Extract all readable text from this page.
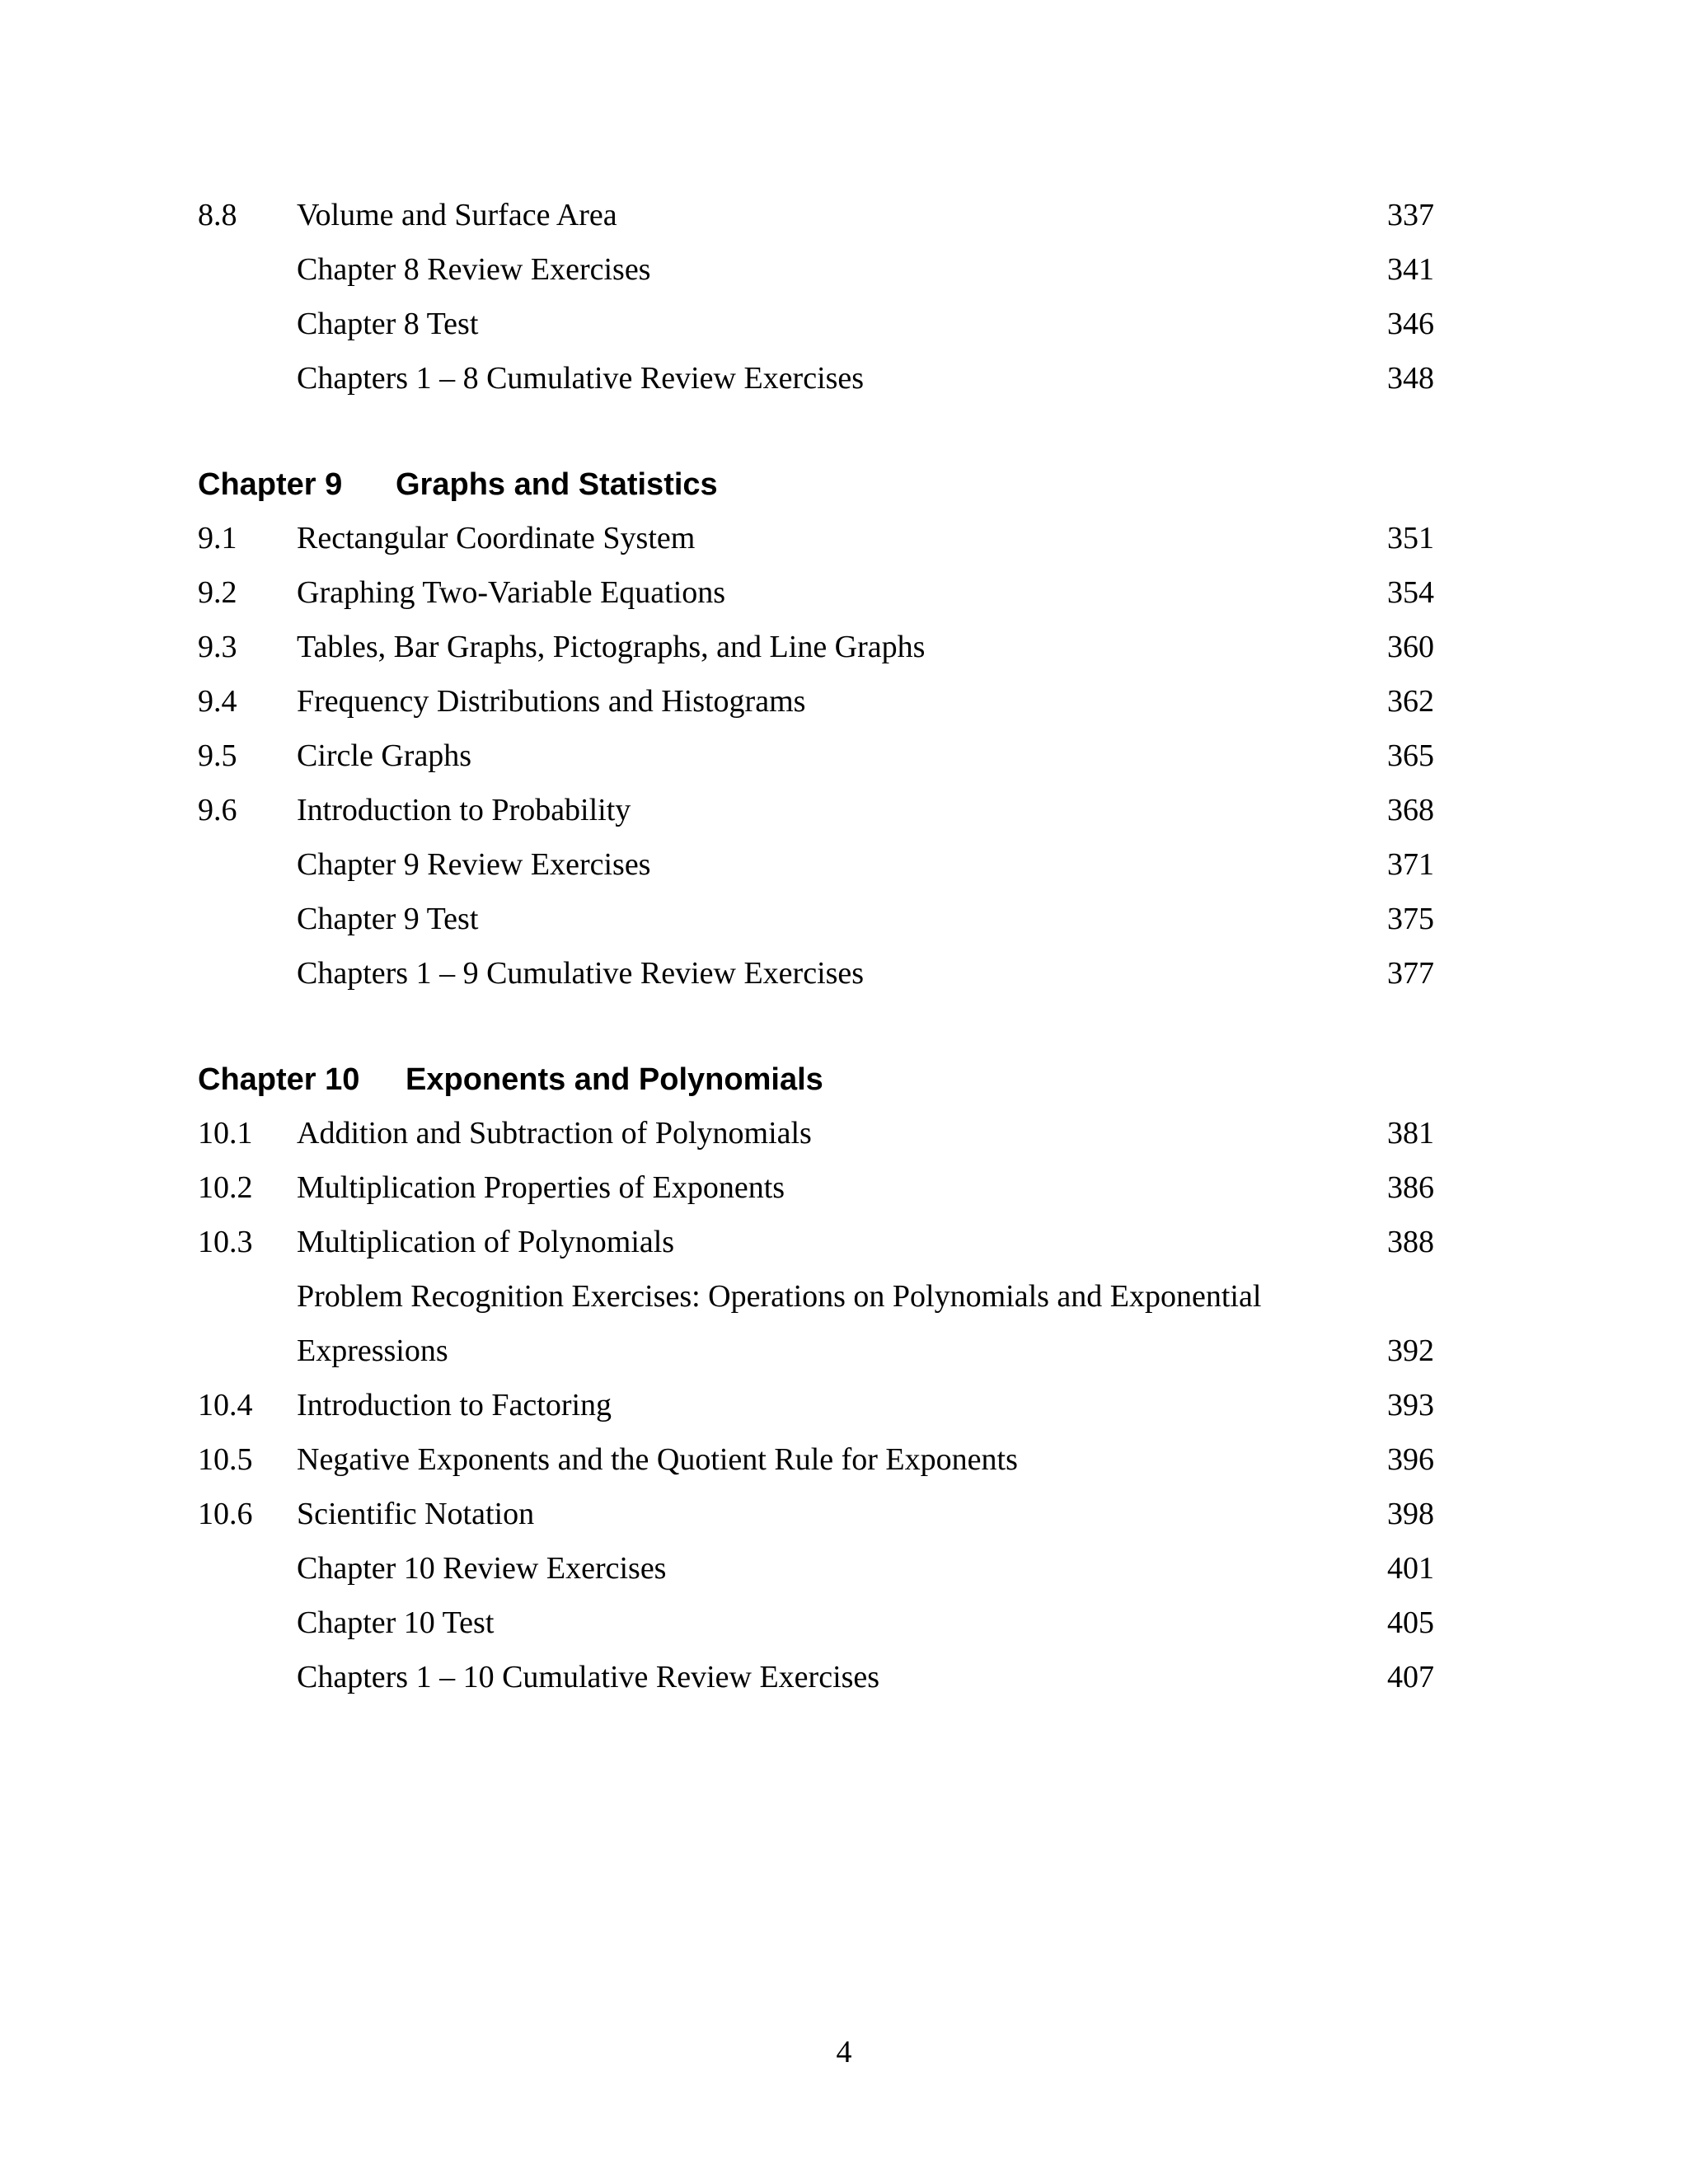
8.8 Volume and Surface Area	337
Chapter 8 Review Exercises	341
Chapter 8 Test	346
Chapters 1 – 8 Cumulative Review Exercises	348
Chapter 9 Graphs and Statistics
9.1 Rectangular Coordinate System	351
9.2 Graphing Two-Variable Equations	354
9.3 Tables, Bar Graphs, Pictographs, and Line Graphs	360
9.4 Frequency Distributions and Histograms	362
9.5 Circle Graphs	365
9.6 Introduction to Probability	368
Chapter 9 Review Exercises	371
Chapter 9 Test	375
Chapters 1 – 9 Cumulative Review Exercises	377
Chapter 10 Exponents and Polynomials
10.1 Addition and Subtraction of Polynomials	381
10.2 Multiplication Properties of Exponents	386
10.3 Multiplication of Polynomials	388
Problem Recognition Exercises: Operations on Polynomials and Exponential
Expressions	392
10.4 Introduction to Factoring	393
10.5 Negative Exponents and the Quotient Rule for Exponents	396
10.6 Scientific Notation	398
Chapter 10 Review Exercises	401
Chapter 10 Test	405
Chapters 1 – 10 Cumulative Review Exercises	407
4
